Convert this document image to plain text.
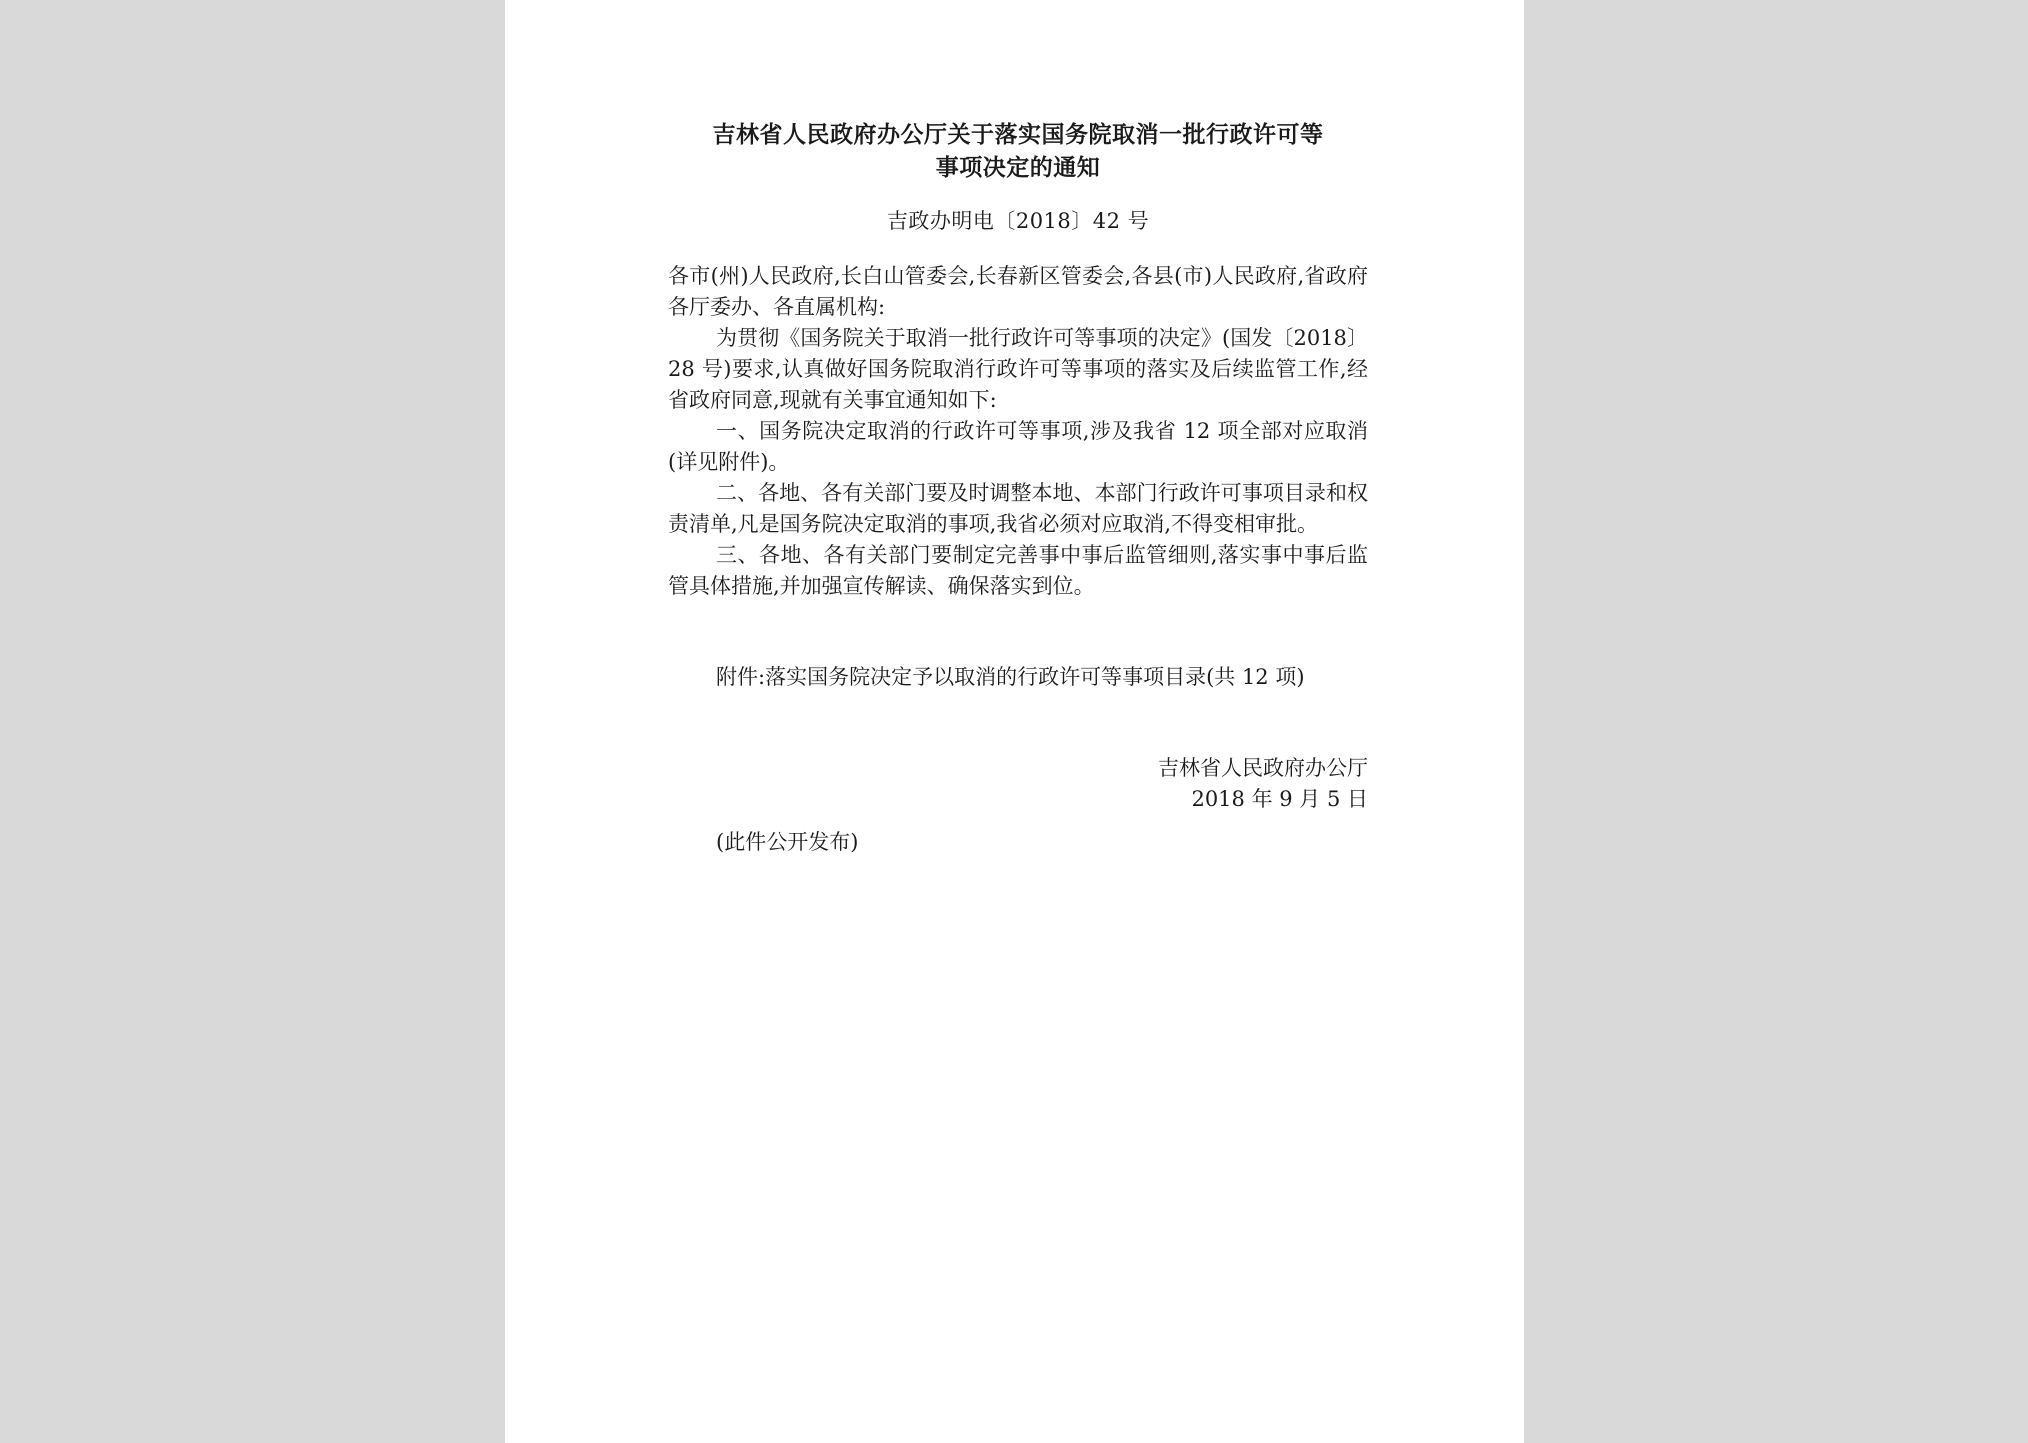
吉林省人民政府办公厅关于落实国务院取消一批行政许可等
事项决定的通知
吉政办明电〔2018〕42 号

各市(州)人民政府,长白山管委会,长春新区管委会,各县(市)人民政府,省政府各厅委办、各直属机构:

为贯彻《国务院关于取消一批行政许可等事项的决定》(国发〔2018〕28 号)要求,认真做好国务院取消行政许可等事项的落实及后续监管工作,经省政府同意,现就有关事宜通知如下:

一、国务院决定取消的行政许可等事项,涉及我省 12 项全部对应取消(详见附件)。

二、各地、各有关部门要及时调整本地、本部门行政许可事项目录和权责清单,凡是国务院决定取消的事项,我省必须对应取消,不得变相审批。

三、各地、各有关部门要制定完善事中事后监管细则,落实事中事后监管具体措施,并加强宣传解读、确保落实到位。

附件:落实国务院决定予以取消的行政许可等事项目录(共 12 项)
吉林省人民政府办公厅
2018 年 9 月 5 日
(此件公开发布)
